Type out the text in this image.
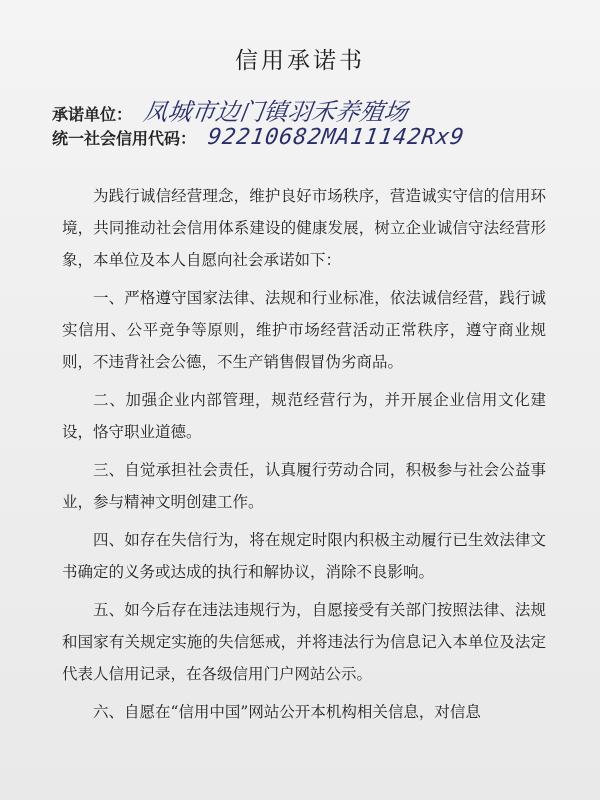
信用承诺书
承诺单位： 凤城市边门镇羽禾养殖场
统一社会信用代码： 92210682MA11142Rx9

为践行诚信经营理念，维护良好市场秩序，营造诚实守信的信用环境，共同推动社会信用体系建设的健康发展，树立企业诚信守法经营形象，本单位及本人自愿向社会承诺如下：

一、严格遵守国家法律、法规和行业标准，依法诚信经营，践行诚实信用、公平竞争等原则，维护市场经营活动正常秩序，遵守商业规则，不违背社会公德，不生产销售假冒伪劣商品。

二、加强企业内部管理，规范经营行为，并开展企业信用文化建设，恪守职业道德。

三、自觉承担社会责任，认真履行劳动合同，积极参与社会公益事业，参与精神文明创建工作。

四、如存在失信行为，将在规定时限内积极主动履行已生效法律文书确定的义务或达成的执行和解协议，消除不良影响。

五、如今后存在违法违规行为，自愿接受有关部门按照法律、法规和国家有关规定实施的失信惩戒，并将违法行为信息记入本单位及法定代表人信用记录，在各级信用门户网站公示。

六、自愿在“信用中国”网站公开本机构相关信息，对信息
